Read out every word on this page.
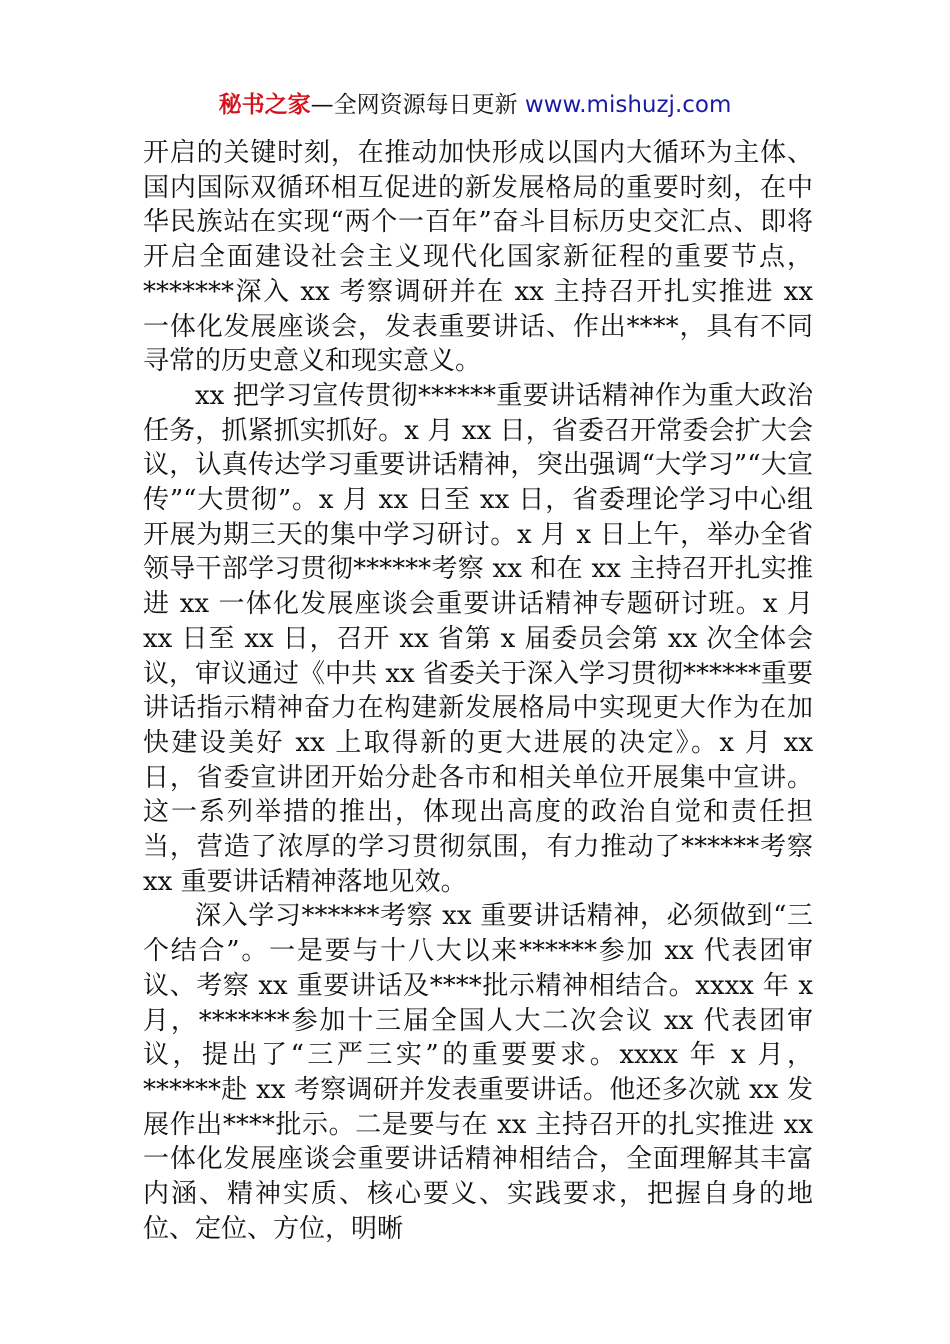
秘书之家—全网资源每日更新 www.mishuzj.com

开启的关键时刻，在推动加快形成以国内大循环为主体、国内国际双循环相互促进的新发展格局的重要时刻，在中华民族站在实现“两个一百年”奋斗目标历史交汇点、即将开启全面建设社会主义现代化国家新征程的重要节点，*******深入 xx 考察调研并在 xx 主持召开扎实推进 xx 一体化发展座谈会，发表重要讲话、作出****，具有不同寻常的历史意义和现实意义。

xx 把学习宣传贯彻******重要讲话精神作为重大政治任务，抓紧抓实抓好。x 月 xx 日，省委召开常委会扩大会议，认真传达学习重要讲话精神，突出强调“大学习”“大宣传”“大贯彻”。x 月 xx 日至 xx 日，省委理论学习中心组开展为期三天的集中学习研讨。x 月 x 日上午，举办全省领导干部学习贯彻******考察 xx 和在 xx 主持召开扎实推进 xx 一体化发展座谈会重要讲话精神专题研讨班。x 月 xx 日至 xx 日，召开 xx 省第 x 届委员会第 xx 次全体会议，审议通过《中共 xx 省委关于深入学习贯彻******重要讲话指示精神奋力在构建新发展格局中实现更大作为在加快建设美好 xx 上取得新的更大进展的决定》。x 月 xx 日，省委宣讲团开始分赴各市和相关单位开展集中宣讲。这一系列举措的推出，体现出高度的政治自觉和责任担当，营造了浓厚的学习贯彻氛围，有力推动了******考察 xx 重要讲话精神落地见效。

深入学习******考察 xx 重要讲话精神，必须做到“三个结合”。一是要与十八大以来******参加 xx 代表团审议、考察 xx 重要讲话及****批示精神相结合。xxxx 年 x 月，*******参加十三届全国人大二次会议 xx 代表团审议，提出了“三严三实”的重要要求。xxxx 年 x 月，******赴 xx 考察调研并发表重要讲话。他还多次就 xx 发展作出****批示。二是要与在 xx 主持召开的扎实推进 xx 一体化发展座谈会重要讲话精神相结合，全面理解其丰富内涵、精神实质、核心要义、实践要求，把握自身的地位、定位、方位，明晰
